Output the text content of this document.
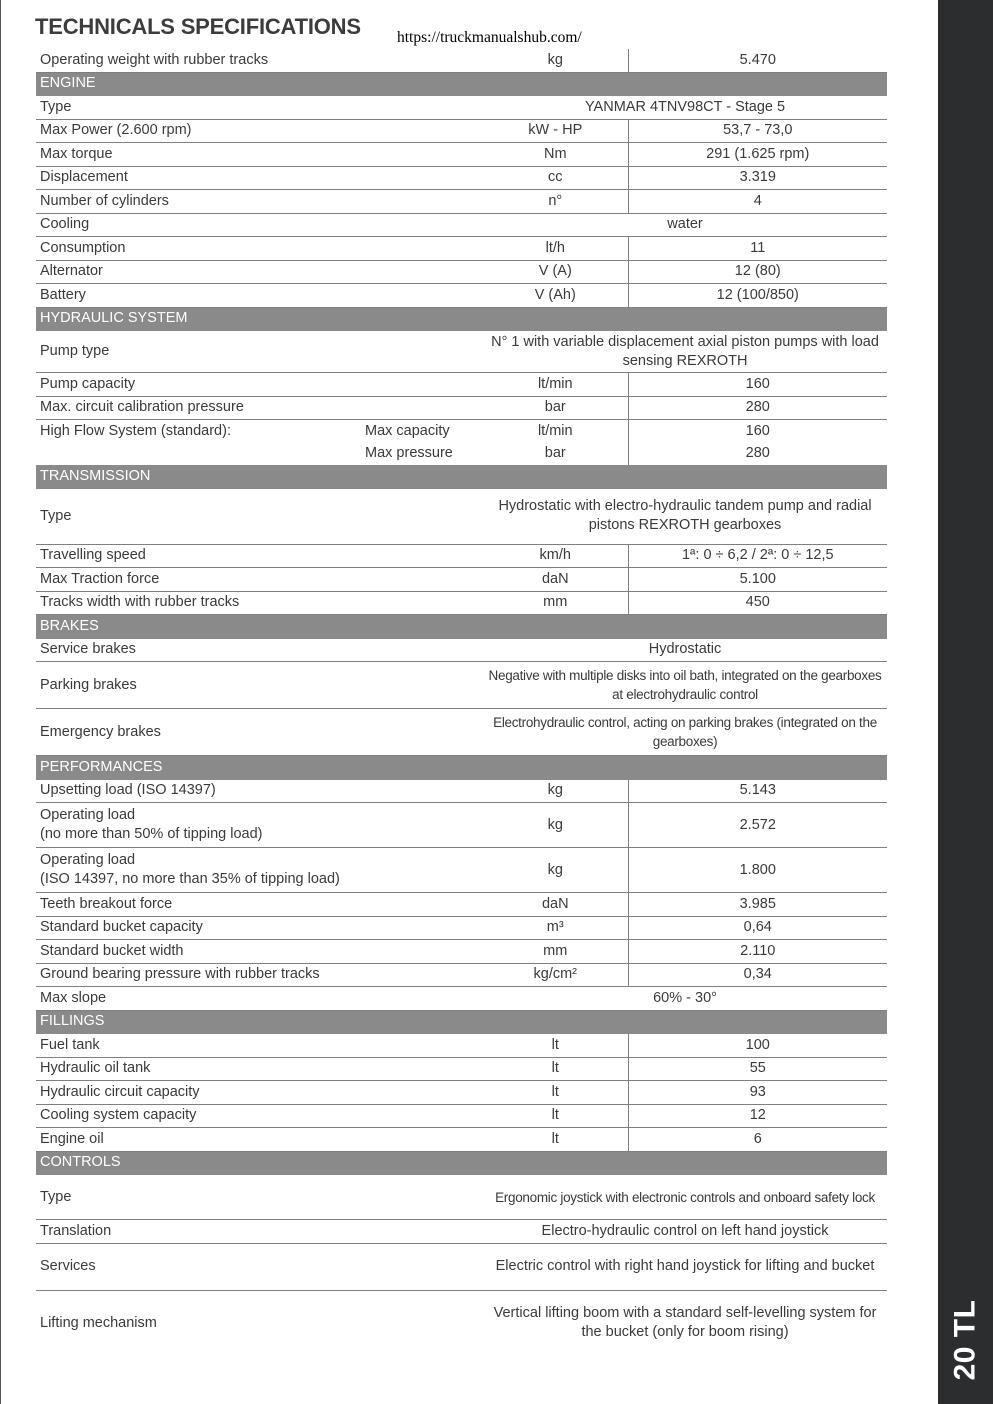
20 TL
TECHNICALS SPECIFICATIONS https://truckmanualshub.com/
Operating weight with rubber tracks		kg	5.470
ENGINE			
Type		YANMAR 4TNV98CT - Stage 5	
Max Power (2.600 rpm)		kW - HP	53,7 - 73,0
Max torque		Nm	291 (1.625 rpm)
Displacement		cc	3.319
Number of cylinders		n°	4
Cooling		water	
Consumption		lt/h	11
Alternator		V (A)	12 (80)
Battery		V (Ah)	12 (100/850)
HYDRAULIC SYSTEM			
Pump type		N° 1 with variable displacement axial piston pumps with load sensing REXROTH	
Pump capacity		lt/min	160
Max. circuit calibration pressure		bar	280
High Flow System (standard):	Max capacity	lt/min	160
	Max pressure	bar	280
TRANSMISSION			
Type		Hydrostatic with electro-hydraulic tandem pump and radial pistons REXROTH gearboxes	
Travelling speed		km/h	1ª: 0 ÷ 6,2 / 2ª: 0 ÷ 12,5
Max Traction force		daN	5.100
Tracks width with rubber tracks		mm	450
BRAKES			
Service brakes		Hydrostatic	
Parking brakes		Negative with multiple disks into oil bath, integrated on the gearboxes at electrohydraulic control	
Emergency brakes		Electrohydraulic control, acting on parking brakes (integrated on the gearboxes)	
PERFORMANCES			
Upsetting load (ISO 14397)		kg	5.143

Operating load
(no more than 50% of tipping load)		kg	2.572

Operating load
(ISO 14397, no more than 35% of tipping load)		kg	1.800
Teeth breakout force		daN	3.985
Standard bucket capacity		m³	0,64
Standard bucket width		mm	2.110
Ground bearing pressure with rubber tracks		kg/cm²	0,34
Max slope		60% - 30°	
FILLINGS			
Fuel tank		lt	100
Hydraulic oil tank		lt	55
Hydraulic circuit capacity		lt	93
Cooling system capacity		lt	12
Engine oil		lt	6
CONTROLS			
Type		Ergonomic joystick with electronic controls and onboard safety lock	
Translation		Electro-hydraulic control on left hand joystick	
Services		Electric control with right hand joystick for lifting and bucket	
Lifting mechanism		Vertical lifting boom with a standard self-levelling system for the bucket (only for boom rising)	
